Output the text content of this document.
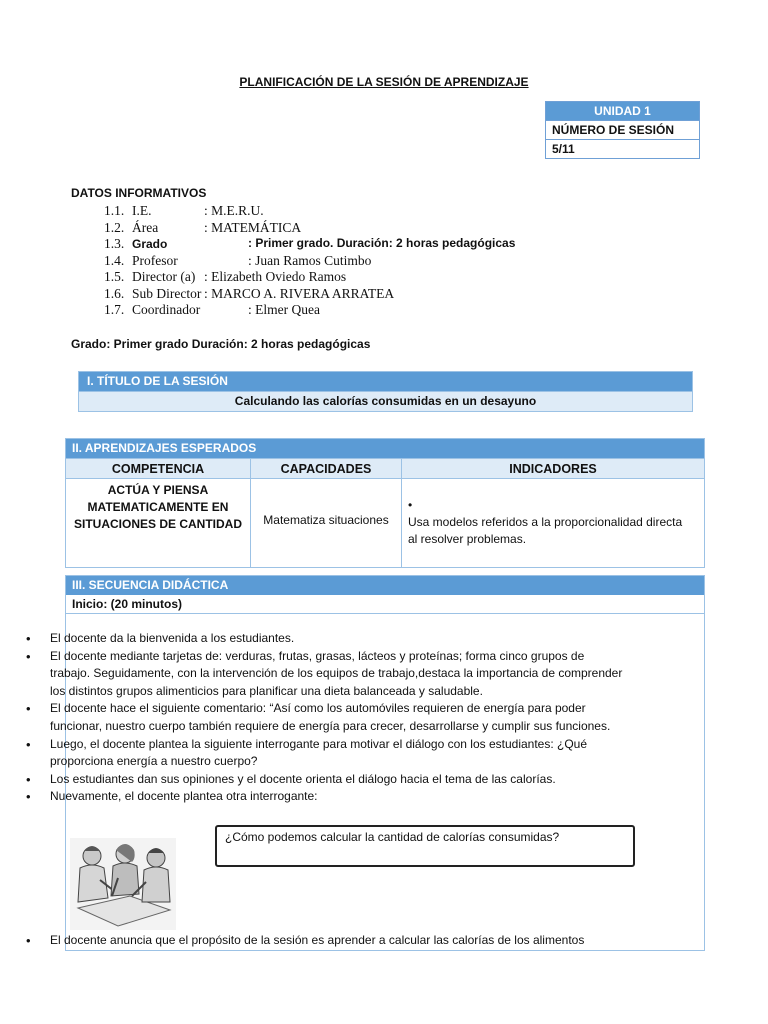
PLANIFICACIÓN DE LA SESIÓN DE APRENDIZAJE
UNIDAD 1
NÚMERO DE SESIÓN
5/11
DATOS INFORMATIVOS
1.1. I.E.	: M.E.R.U.
1.2. Área	: MATEMÁTICA
1.3. Grado	: Primer grado. Duración: 2 horas pedagógicas
1.4. Profesor	: Juan Ramos Cutimbo
1.5. Director (a) : Elizabeth Oviedo Ramos
1.6. Sub Director : MARCO A. RIVERA ARRATEA
1.7. Coordinador	: Elmer Quea
Grado: Primer grado Duración: 2 horas pedagógicas
I. TÍTULO DE LA SESIÓN
Calculando las calorías consumidas en un desayuno
II. APRENDIZAJES ESPERADOS
COMPETENCIA	CAPACIDADES	INDICADORES

ACTÚA Y PIENSA
MATEMATICAMENTE EN
SITUACIONES DE CANTIDAD	Matematiza situaciones	•Usa modelos referidos a la proporcionalidad directa al resolver problemas.
III. SECUENCIA DIDÁCTICA
Inicio: (20 minutos)
• El docente da la bienvenida a los estudiantes.
• El docente mediante tarjetas de: verduras, frutas, grasas, lácteos y proteínas; forma cinco grupos de trabajo. Seguidamente, con la intervención de los equipos de trabajo,destaca la importancia de comprender los distintos grupos alimenticios para planificar una dieta balanceada y saludable.
• El docente hace el siguiente comentario: “Así como los automóviles requieren de energía para poder funcionar, nuestro cuerpo también requiere de energía para crecer, desarrollarse y cumplir sus funciones.
• Luego, el docente plantea la siguiente interrogante para motivar el diálogo con los estudiantes: ¿Qué proporciona energía a nuestro cuerpo?
• Los estudiantes dan sus opiniones y el docente orienta el diálogo hacia el tema de las calorías.
• Nuevamente, el docente plantea otra interrogante:
¿Cómo podemos calcular la cantidad de calorías consumidas?
• El docente anuncia que el propósito de la sesión es aprender a calcular las calorías de los alimentos
